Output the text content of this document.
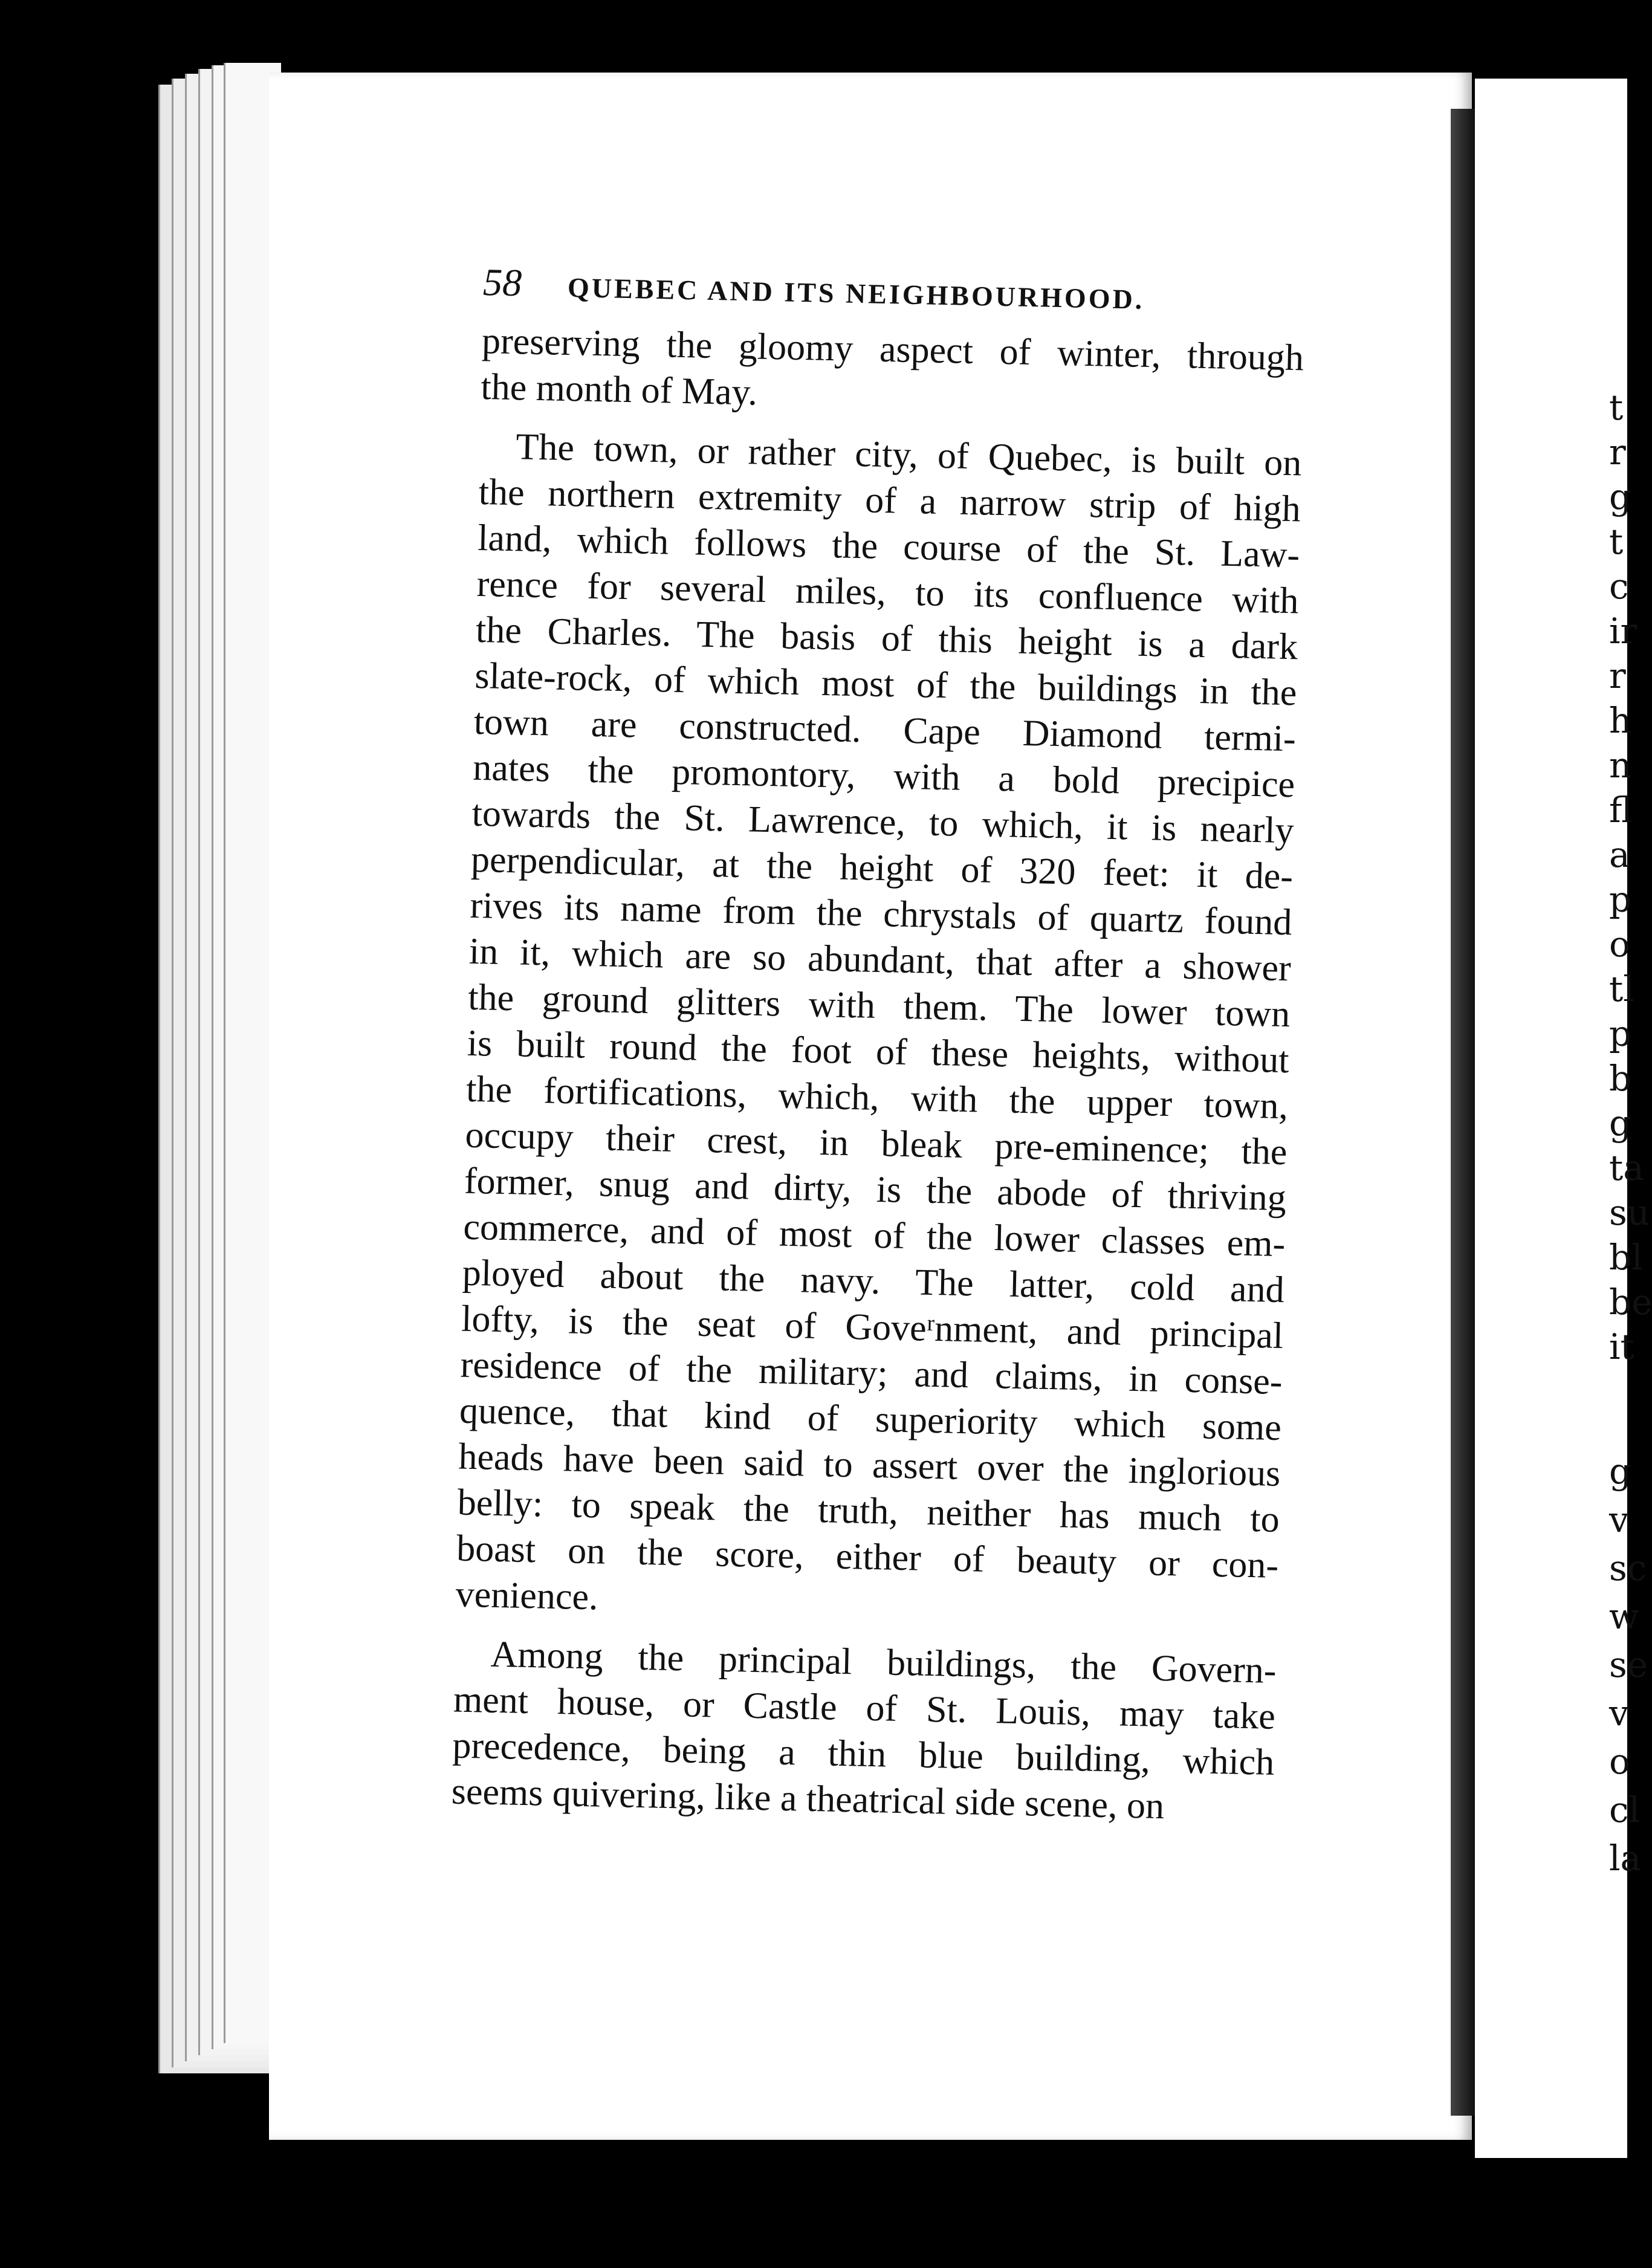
t
r
g
t
c
ir
r
h
n
fl
a
p
o
tl
p
b
g
ta
su
bl
be
it
g
v
sc
w
se
v
o
cl
la
58	QUEBEC AND ITS NEIGHBOURHOOD.
preserving the gloomy aspect of winter, through
the month of May.
The town, or rather city, of Quebec, is built on
the northern extremity of a narrow strip of high
land, which follows the course of the St. Law-
rence for several miles, to its confluence with
the Charles. The basis of this height is a dark
slate-rock, of which most of the buildings in the
town are constructed. Cape Diamond termi-
nates the promontory, with a bold precipice
towards the St. Lawrence, to which, it is nearly
perpendicular, at the height of 320 feet: it de-
rives its name from the chrystals of quartz found
in it, which are so abundant, that after a shower
the ground glitters with them. The lower town
is built round the foot of these heights, without
the fortifications, which, with the upper town,
occupy their crest, in bleak pre-eminence; the
former, snug and dirty, is the abode of thriving
commerce, and of most of the lower classes em-
ployed about the navy. The latter, cold and
lofty, is the seat of Goveʳnment, and principal
residence of the military; and claims, in conse-
quence, that kind of superiority which some
heads have been said to assert over the inglorious
belly: to speak the truth, neither has much to
boast on the score, either of beauty or con-
venience.
Among the principal buildings, the Govern-
ment house, or Castle of St. Louis, may take
precedence, being a thin blue building, which
seems quivering, like a theatrical side scene, on
